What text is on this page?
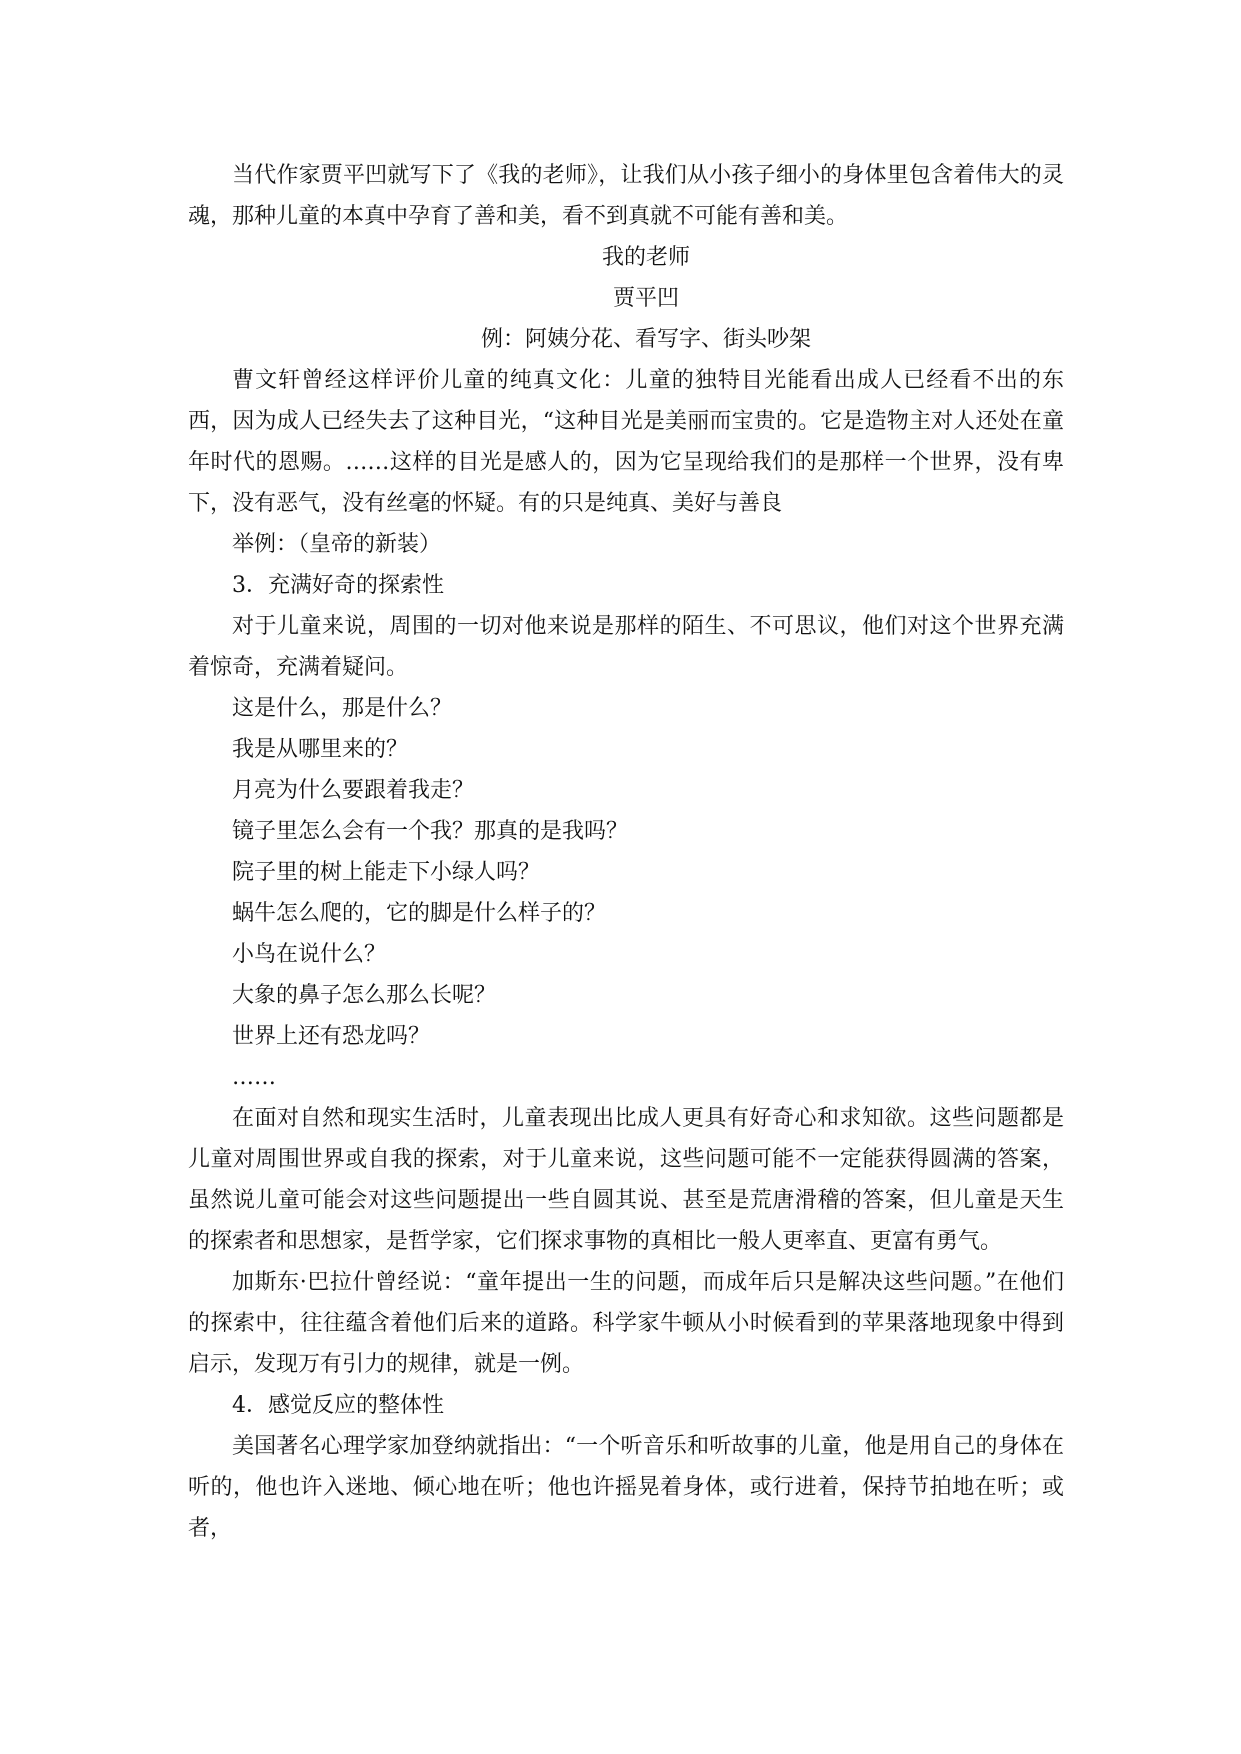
当代作家贾平凹就写下了《我的老师》，让我们从小孩子细小的身体里包含着伟大的灵魂，那种儿童的本真中孕育了善和美，看不到真就不可能有善和美。

我的老师

贾平凹

例：阿姨分花、看写字、街头吵架

曹文轩曾经这样评价儿童的纯真文化：儿童的独特目光能看出成人已经看不出的东西，因为成人已经失去了这种目光，“这种目光是美丽而宝贵的。它是造物主对人还处在童年时代的恩赐。……这样的目光是感人的，因为它呈现给我们的是那样一个世界，没有卑下，没有恶气，没有丝毫的怀疑。有的只是纯真、美好与善良

举例：（皇帝的新装）

3．充满好奇的探索性

对于儿童来说，周围的一切对他来说是那样的陌生、不可思议，他们对这个世界充满着惊奇，充满着疑问。

这是什么，那是什么？

我是从哪里来的？

月亮为什么要跟着我走？

镜子里怎么会有一个我？那真的是我吗？

院子里的树上能走下小绿人吗？

蜗牛怎么爬的，它的脚是什么样子的？

小鸟在说什么？

大象的鼻子怎么那么长呢？

世界上还有恐龙吗？

……

在面对自然和现实生活时，儿童表现出比成人更具有好奇心和求知欲。这些问题都是儿童对周围世界或自我的探索，对于儿童来说，这些问题可能不一定能获得圆满的答案，虽然说儿童可能会对这些问题提出一些自圆其说、甚至是荒唐滑稽的答案，但儿童是天生的探索者和思想家，是哲学家，它们探求事物的真相比一般人更率直、更富有勇气。

加斯东·巴拉什曾经说：“童年提出一生的问题，而成年后只是解决这些问题。”在他们的探索中，往往蕴含着他们后来的道路。科学家牛顿从小时候看到的苹果落地现象中得到启示，发现万有引力的规律，就是一例。

4．感觉反应的整体性

美国著名心理学家加登纳就指出：“一个听音乐和听故事的儿童，他是用自己的身体在听的，他也许入迷地、倾心地在听；他也许摇晃着身体，或行进着，保持节拍地在听；或者，
